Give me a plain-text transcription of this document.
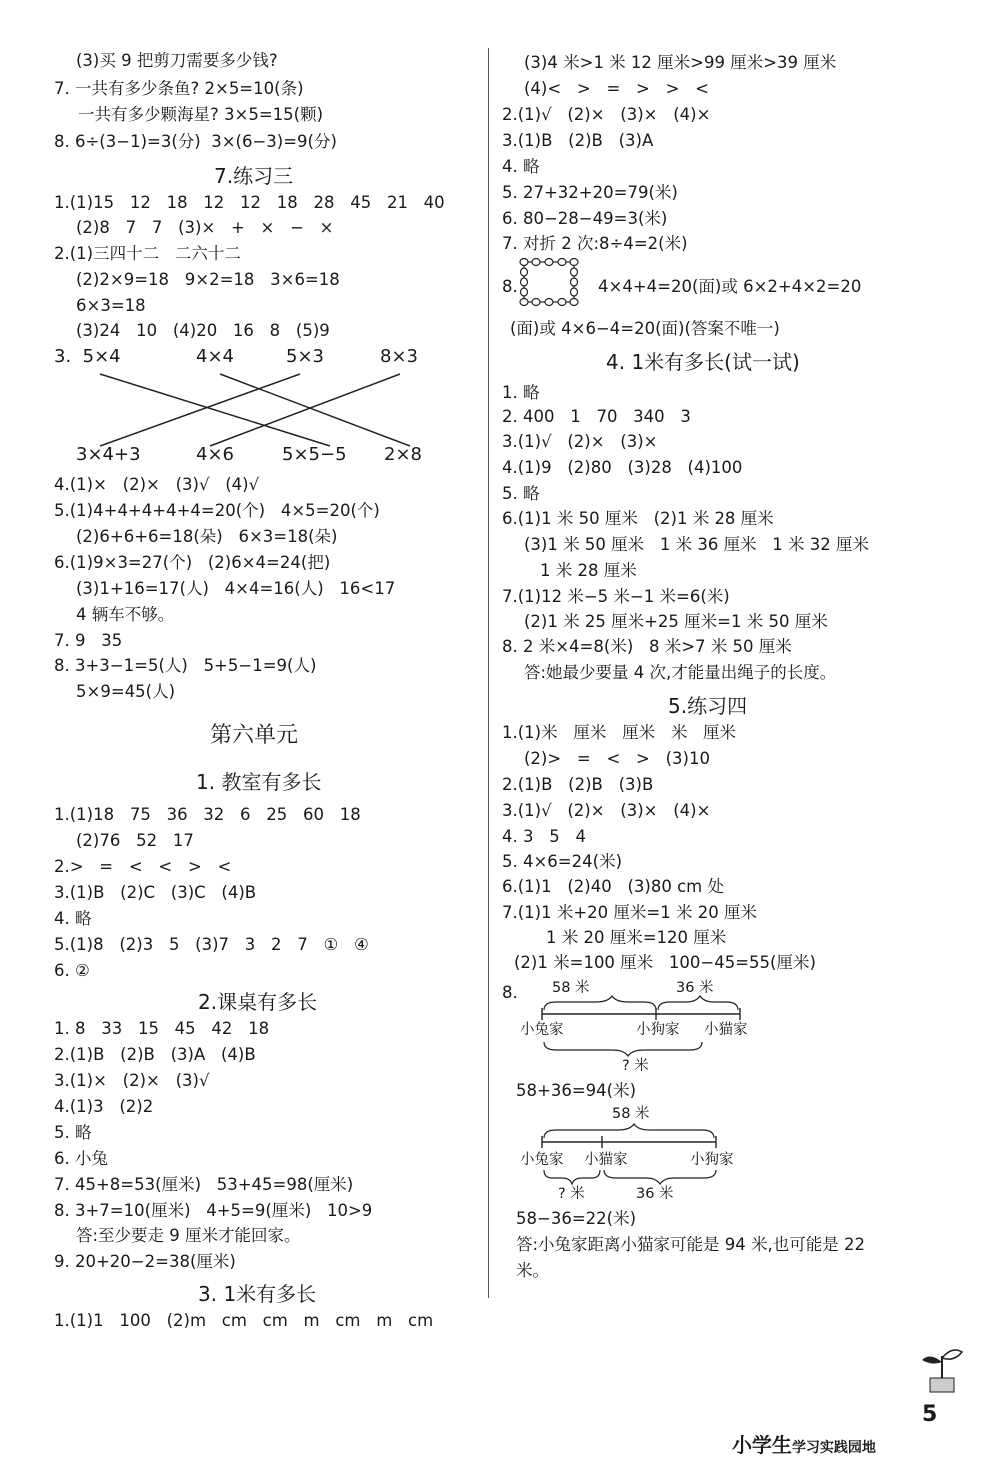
(3)买 9 把剪刀需要多少钱?
7. 一共有多少条鱼? 2×5=10(条)
一共有多少颗海星? 3×5=15(颗)
8. 6÷(3−1)=3(分)  3×(6−3)=9(分)
7.练习三
1.(1)15   12   18   12   12   18   28   45   21   40
(2)8   7   7   (3)×   +   ×   −   ×
2.(1)三四十二   二六十二
(2)2×9=18   9×2=18   3×6=18
6×3=18
(3)24   10   (4)20   16   8   (5)9
3.  5×4	4×4	5×3	8×3
3×4+3	4×6	5×5−5 2×8
4.(1)×   (2)×   (3)√   (4)√
5.(1)4+4+4+4+4=20(个)   4×5=20(个)
(2)6+6+6=18(朵)   6×3=18(朵)
6.(1)9×3=27(个)   (2)6×4=24(把)
(3)1+16=17(人)   4×4=16(人)   16<17
4 辆车不够。
7. 9   35
8. 3+3−1=5(人)   5+5−1=9(人)
5×9=45(人)
第六单元
1. 教室有多长
1.(1)18   75   36   32   6   25   60   18
(2)76   52   17
2.>   =   <   <   >   <
3.(1)B   (2)C   (3)C   (4)B
4. 略
5.(1)8   (2)3   5   (3)7   3   2   7   ①   ④
6. ②
2.课桌有多长
1. 8   33   15   45   42   18
2.(1)B   (2)B   (3)A   (4)B
3.(1)×   (2)×   (3)√
4.(1)3   (2)2
5. 略
6. 小兔
7. 45+8=53(厘米)   53+45=98(厘米)
8. 3+7=10(厘米)   4+5=9(厘米)   10>9
答:至少要走 9 厘米才能回家。
9. 20+20−2=38(厘米)
3. 1米有多长
1.(1)1   100   (2)m   cm   cm   m   cm   m   cm
(3)4 米>1 米 12 厘米>99 厘米>39 厘米
(4)<   >   =   >   >   <
2.(1)√   (2)×   (3)×   (4)×
3.(1)B   (2)B   (3)A
4. 略
5. 27+32+20=79(米)
6. 80−28−49=3(米)
7. 对折 2 次:8÷4=2(米)
8.	4×4+4=20(面)或 6×2+4×2=20
(面)或 4×6−4=20(面)(答案不唯一)
4. 1米有多长(试一试)
1. 略
2. 400   1   70   340   3
3.(1)√   (2)×   (3)×
4.(1)9   (2)80   (3)28   (4)100
5. 略
6.(1)1 米 50 厘米   (2)1 米 28 厘米
(3)1 米 50 厘米   1 米 36 厘米   1 米 32 厘米
1 米 28 厘米
7.(1)12 米−5 米−1 米=6(米)
(2)1 米 25 厘米+25 厘米=1 米 50 厘米
8. 2 米×4=8(米)   8 米>7 米 50 厘米
答:她最少要量 4 次,才能量出绳子的长度。
5.练习四
1.(1)米   厘米   厘米   米   厘米
(2)>   =   <   >   (3)10
2.(1)B   (2)B   (3)B
3.(1)√   (2)×   (3)×   (4)×
4. 3   5   4
5. 4×6=24(米)
6.(1)1   (2)40   (3)80 cm 处
7.(1)1 米+20 厘米=1 米 20 厘米
1 米 20 厘米=120 厘米
(2)1 米=100 厘米   100−45=55(厘米)
8. 58 米	36 米
小兔家	小狗家 小猫家
? 米
58+36=94(米)
58 米
小兔家 小猫家	小狗家
? 米	36 米
58−36=22(米)
答:小兔家距离小猫家可能是 94 米,也可能是 22
米。

小学生学习实践园地

5
